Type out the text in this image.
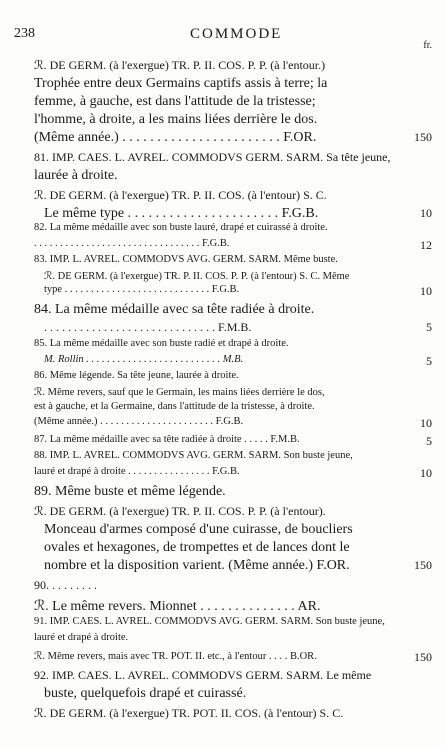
238	COMMODE
fr.
ℛ. DE GERM. (à l'exergue) TR. P. II. COS. P. P. (à l'entour.)
Trophée entre deux Germains captifs assis à terre; la
femme, à gauche, est dans l'attitude de la tristesse;
l'homme, à droite, a les mains liées derrière le dos.
(Même année.) . . . . . . . . . . . . . . . . . . . . . . . F.OR.	150
81. IMP. CAES. L. AVREL. COMMODVS GERM. SARM. Sa tête jeune,
laurée à droite.
ℛ. DE GERM. (à l'exergue) TR. P. II. COS. (à l'entour) S. C.
Le même type . . . . . . . . . . . . . . . . . . . . . . F.G.B.	10
82. La même médaille avec son buste lauré, drapé et cuirassé à droite.
. . . . . . . . . . . . . . . . . . . . . . . . . . . . . . . . F.G.B.	12
83. IMP. L. AVREL. COMMODVS AVG. GERM. SARM. Même buste.
ℛ. DE GERM. (à l'exergue) TR. P. II. COS. P. P. (à l'entour) S. C. Même
type . . . . . . . . . . . . . . . . . . . . . . . . . . . . F.G.B.	10
84. La même médaille avec sa tête radiée à droite.
. . . . . . . . . . . . . . . . . . . . . . . . . . . . . F.M.B.	5
85. La même médaille avec son buste radié et drapé à droite.
M. Rollin . . . . . . . . . . . . . . . . . . . . . . . . . . M.B.	5
86. Même légende. Sa tête jeune, laurée à droite.
ℛ. Même revers, sauf que le Germain, les mains liées derrière le dos,
est à gauche, et la Germaine, dans l'attitude de la tristesse, à droite.
(Même année.) . . . . . . . . . . . . . . . . . . . . . . F.G.B.	10
87. La même médaille avec sa tête radiée à droite . . . . . F.M.B.	5
88. IMP. L. AVREL. COMMODVS AVG. GERM. SARM. Son buste jeune,
lauré et drapé à droite . . . . . . . . . . . . . . . . F.G.B.	10
89. Même buste et même légende.
ℛ. DE GERM. (à l'exergue) TR. P. II. COS. P. P. (à l'entour).
Monceau d'armes composé d'une cuirasse, de boucliers
ovales et hexagones, de trompettes et de lances dont le
nombre et la disposition varient. (Même année.) F.OR.	150
90. . . . . . . . .
ℛ. Le même revers. Mionnet . . . . . . . . . . . . . . AR.
91. IMP. CAES. L. AVREL. COMMODVS AVG. GERM. SARM. Son buste jeune,
lauré et drapé à droite.
ℛ. Même revers, mais avec TR. POT. II. etc., à l'entour . . . . B.OR.	150
92. IMP. CAES. L. AVREL. COMMODVS GERM. SARM. Le même
buste, quelquefois drapé et cuirassé.
ℛ. DE GERM. (à l'exergue) TR. POT. II. COS. (à l'entour) S. C.
